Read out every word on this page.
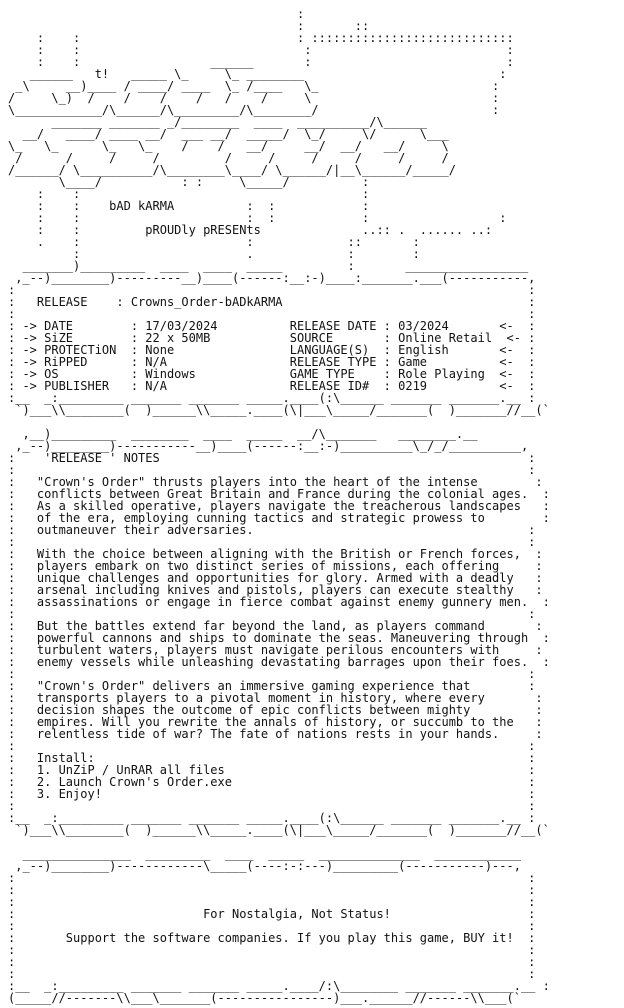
:
:       ::
:    :                              : ::::::::::::::::::::::::::::
:    :                               :                           :
:    :                  ______       :                           :
______   t!   _____ \_     \_ ________                           :
_\     __)____ / ____/ ____  \_ /____   \_                        :
/     \_)  /    /    /    /   /    /     \                         :
\____________/\______/\_________/\________/                        :
_______ _______ _/________  ____  __________/\______
__/   ____/ ____ __/  ___ __/  _____/  \_/     \/      \___
\_   \_      \_   \_    /    /   __/     __/  __/   __/     \
/      /     /     /         /     /     /     /     /     /
/______/ \__________/\________\____/ \______/|__\______/_____/
\____/           : :     \_____/          :
:    :                                       :
:    :    bAD kARMA          :  :            :
:    :                       :  :            :                  :
:    :         pROUDly pRESENts              ..:: .  ...... ..:
.    :                       :             ::       :
:                       .             :        :
_______)_________  ____  ____  _____         :       _________________
,_--)________)---------__)____(------:__:-)____:_______.___(-----------,
:                                                                       :
:   RELEASE    : Crowns_Order-bADkARMA                                  :
:                                                                       :
: -> DATE        : 17/03/2024          RELEASE DATE : 03/2024       <-  :
: -> SiZE        : 22 x 50MB           SOURCE       : Online Retail  <- :
: -> PROTECTiON  : None                LANGUAGE(S)  : English       <-  :
: -> RiPPED      : N/A                 RELEASE TYPE : Game          <-  :
: -> OS          : Windows             GAME TYPE    : Role Playing  <-  :
: -> PUBLISHER   : N/A                 RELEASE ID#  : 0219          <-  :
:__  _:_________ _______ _______ _____.____(:\______ _______ _______.__ :
`)___\\________(  )______\\_____.____(\|___\_____/_______(  )_______//__(`
,__)_________  ________  ____  _____  __/\_______   ________.__
,_--)________)-----------__)____(------:__:-)__________\_/_/__________,
:    'RELEASE ' NOTES                                                   :
:                                                                       :
:   "Crown's Order" thrusts players into the heart of the intense        :
:   conflicts between Great Britain and France during the colonial ages.  :
:   As a skilled operative, players navigate the treacherous landscapes   :
:   of the era, employing cunning tactics and strategic prowess to        :
:   outmaneuver their adversaries.                                      :
:                                                                       :
:   With the choice between aligning with the British or French forces,  :
:   players embark on two distinct series of missions, each offering     :
:   unique challenges and opportunities for glory. Armed with a deadly   :
:   arsenal including knives and pistols, players can execute stealthy   :
:   assassinations or engage in fierce combat against enemy gunnery men.  :
:                                                                       :
:   But the battles extend far beyond the land, as players command       :
:   powerful cannons and ships to dominate the seas. Maneuvering through  :
:   turbulent waters, players must navigate perilous encounters with     :
:   enemy vessels while unleashing devastating barrages upon their foes.  :
:                                                                       :
:   "Crown's Order" delivers an immersive gaming experience that        :
:   transports players to a pivotal moment in history, where every       :
:   decision shapes the outcome of epic conflicts between mighty         :
:   empires. Will you rewrite the annals of history, or succumb to the   :
:   relentless tide of war? The fate of nations rests in your hands.     :
:                                                                       :
:   Install:                                                            :
:   1. UnZiP / UnRAR all files                                          :
:   2. Launch Crown's Order.exe                                         :
:   3. Enjoy!                                                           :
:                                                                       :
:__  _:_________ _______ _______ _____.____(:\______ _______ _______.__ :
`)___\\________(  )______\\_____.____(\|___\_____/_______(  )_______//__(`
_______________  _________  ____  _____  ______________  ____________
,_--)________)------------\_____(----:-:---)_________(-----------)---,
:                                                                       :
:                                                                       :
:                                                                       :
:                          For Nostalgia, Not Status!                   :
:                                                                       :
:       Support the software companies. If you play this game, BUY it!  :
:                                                                       :
:                                                                       :
:                                                                       :
:__  _:_________ _______ _______ _____.____/:\________ _______ _______.__ :
(_____//-------\\___\_______(----------------)___.______//------\\___(`
